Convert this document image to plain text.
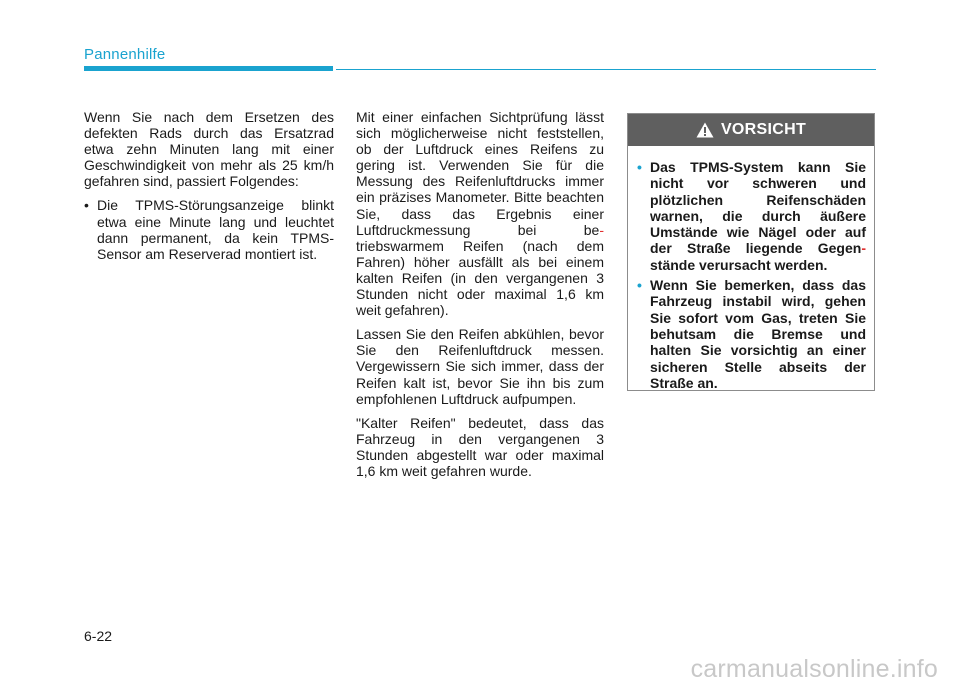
Pannenhilfe

Wenn Sie nach dem Ersetzen des defekten Rads durch das Ersatzrad etwa zehn Minuten lang mit einer Geschwindigkeit von mehr als 25 km/h gefahren sind, passiert Folgendes:

• Die TPMS-Störungsanzeige blinkt etwa eine Minute lang und leuchtet dann permanent, da kein TPMS-Sensor am Reserverad montiert ist.

Mit einer einfachen Sichtprüfung lässt sich möglicherweise nicht feststellen, ob der Luftdruck eines Reifens zu gering ist. Verwenden Sie für die Messung des Reifenluftdrucks immer ein präzises Manometer. Bitte beachten Sie, dass das Ergebnis einer Luftdruckmessung bei be-triebswarmem Reifen (nach dem Fahren) höher ausfällt als bei einem kalten Reifen (in den vergangenen 3 Stunden nicht oder maximal 1,6 km weit gefahren).

Lassen Sie den Reifen abkühlen, bevor Sie den Reifenluftdruck messen. Vergewissern Sie sich immer, dass der Reifen kalt ist, bevor Sie ihn bis zum empfohlenen Luftdruck aufpumpen.

"Kalter Reifen" bedeutet, dass das Fahrzeug in den vergangenen 3 Stunden abgestellt war oder maximal 1,6 km weit gefahren wurde.

VORSICHT
• Das TPMS-System kann Sie nicht vor schweren und plötzlichen Reifenschäden warnen, die durch äußere Umstände wie Nägel oder auf der Straße liegende Gegen-stände verursacht werden.
• Wenn Sie bemerken, dass das Fahrzeug instabil wird, gehen Sie sofort vom Gas, treten Sie behutsam die Bremse und halten Sie vorsichtig an einer sicheren Stelle abseits der Straße an.
6-22
carmanualsonline.info
